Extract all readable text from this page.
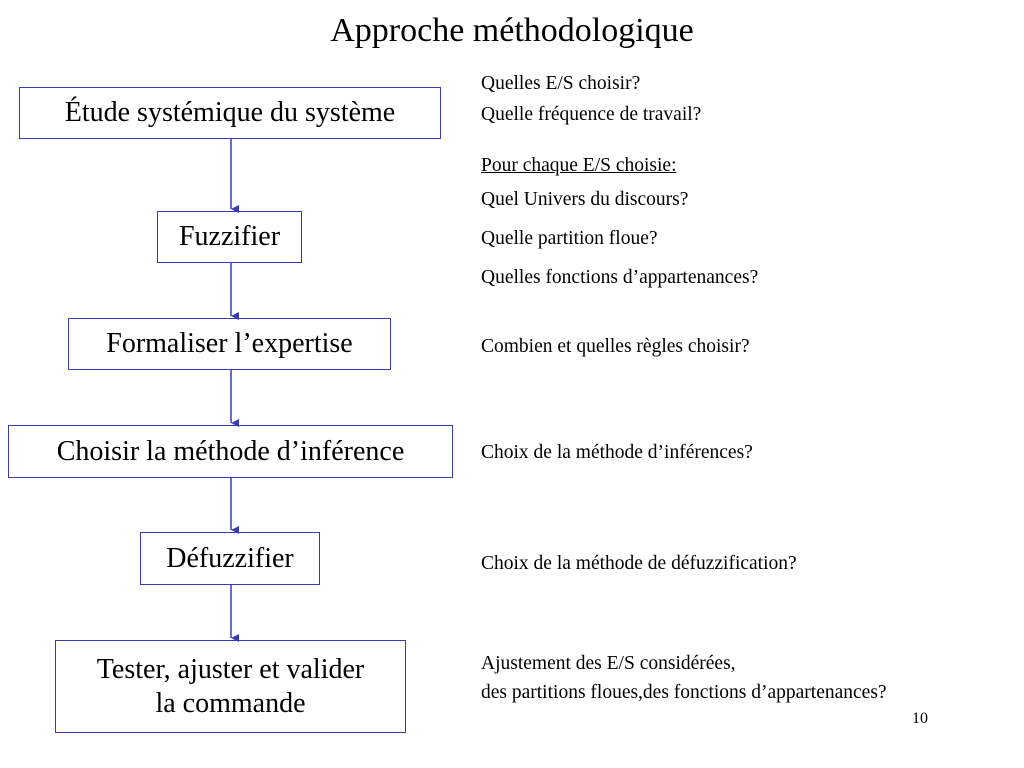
Approche méthodologique
Étude systémique du système
Fuzzifier
Formaliser l’expertise
Choisir la méthode d’inférence
Défuzzifier
Tester, ajuster et valider
la commande
Quelles E/S choisir?
Quelle fréquence de travail?
Pour chaque E/S choisie:
Quel Univers du discours?
Quelle partition floue?
Quelles fonctions d’appartenances?
Combien et quelles règles choisir?
Choix de la méthode d’inférences?
Choix de la méthode de défuzzification?
Ajustement des E/S considérées,
des partitions floues,des fonctions d’appartenances?
10
